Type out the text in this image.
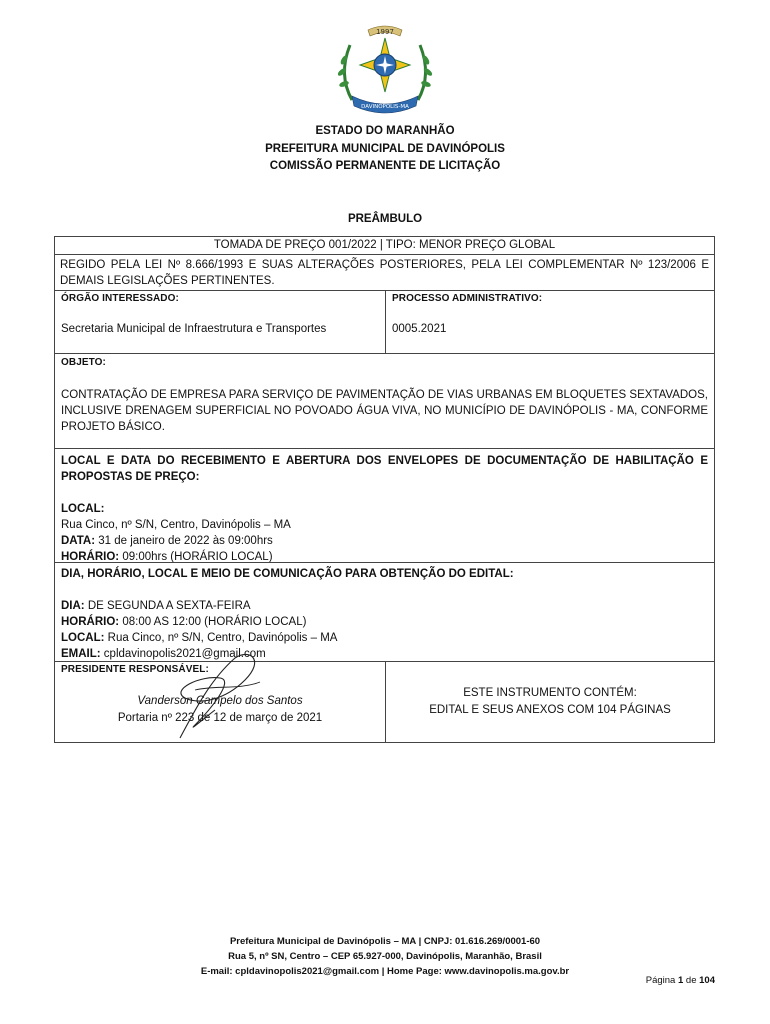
1997
DAVINÓPOLIS-MA
ESTADO DO MARANHÃO
PREFEITURA MUNICIPAL DE DAVINÓPOLIS
COMISSÃO PERMANENTE DE LICITAÇÃO
PREÂMBULO
TOMADA DE PREÇO 001/2022 | TIPO: MENOR PREÇO GLOBAL
REGIDO PELA LEI Nº 8.666/1993 E SUAS ALTERAÇÕES POSTERIORES, PELA LEI COMPLEMENTAR Nº 123/2006 E DEMAIS LEGISLAÇÕES PERTINENTES.
ÓRGÃO INTERESSADO:
Secretaria Municipal de Infraestrutura e Transportes
PROCESSO ADMINISTRATIVO:
0005.2021
OBJETO:
CONTRATAÇÃO DE EMPRESA PARA SERVIÇO DE PAVIMENTAÇÃO DE VIAS URBANAS EM BLOQUETES SEXTAVADOS, INCLUSIVE DRENAGEM SUPERFICIAL NO POVOADO ÁGUA VIVA, NO MUNICÍPIO DE DAVINÓPOLIS - MA, CONFORME PROJETO BÁSICO.
LOCAL E DATA DO RECEBIMENTO E ABERTURA DOS ENVELOPES DE DOCUMENTAÇÃO DE HABILITAÇÃO E PROPOSTAS DE PREÇO:
LOCAL:
Rua Cinco, nº S/N, Centro, Davinópolis – MA
DATA: 31 de janeiro de 2022 às 09:00hrs
HORÁRIO: 09:00hrs (HORÁRIO LOCAL)
DIA, HORÁRIO, LOCAL E MEIO DE COMUNICAÇÃO PARA OBTENÇÃO DO EDITAL:
DIA: DE SEGUNDA A SEXTA-FEIRA
HORÁRIO: 08:00 AS 12:00 (HORÁRIO LOCAL)
LOCAL: Rua Cinco, nº S/N, Centro, Davinópolis – MA
EMAIL: cpldavinopolis2021@gmail.com
PRESIDENTE RESPONSÁVEL:
Vanderson Campelo dos Santos
Portaria nº 223 de 12 de março de 2021
ESTE INSTRUMENTO CONTÉM:
EDITAL E SEUS ANEXOS COM 104 PÁGINAS
Prefeitura Municipal de Davinópolis – MA | CNPJ: 01.616.269/0001-60
Rua 5, nº SN, Centro – CEP 65.927-000, Davinópolis, Maranhão, Brasil
E-mail: cpldavinopolis2021@gmail.com | Home Page: www.davinopolis.ma.gov.br
Página 1 de 104
